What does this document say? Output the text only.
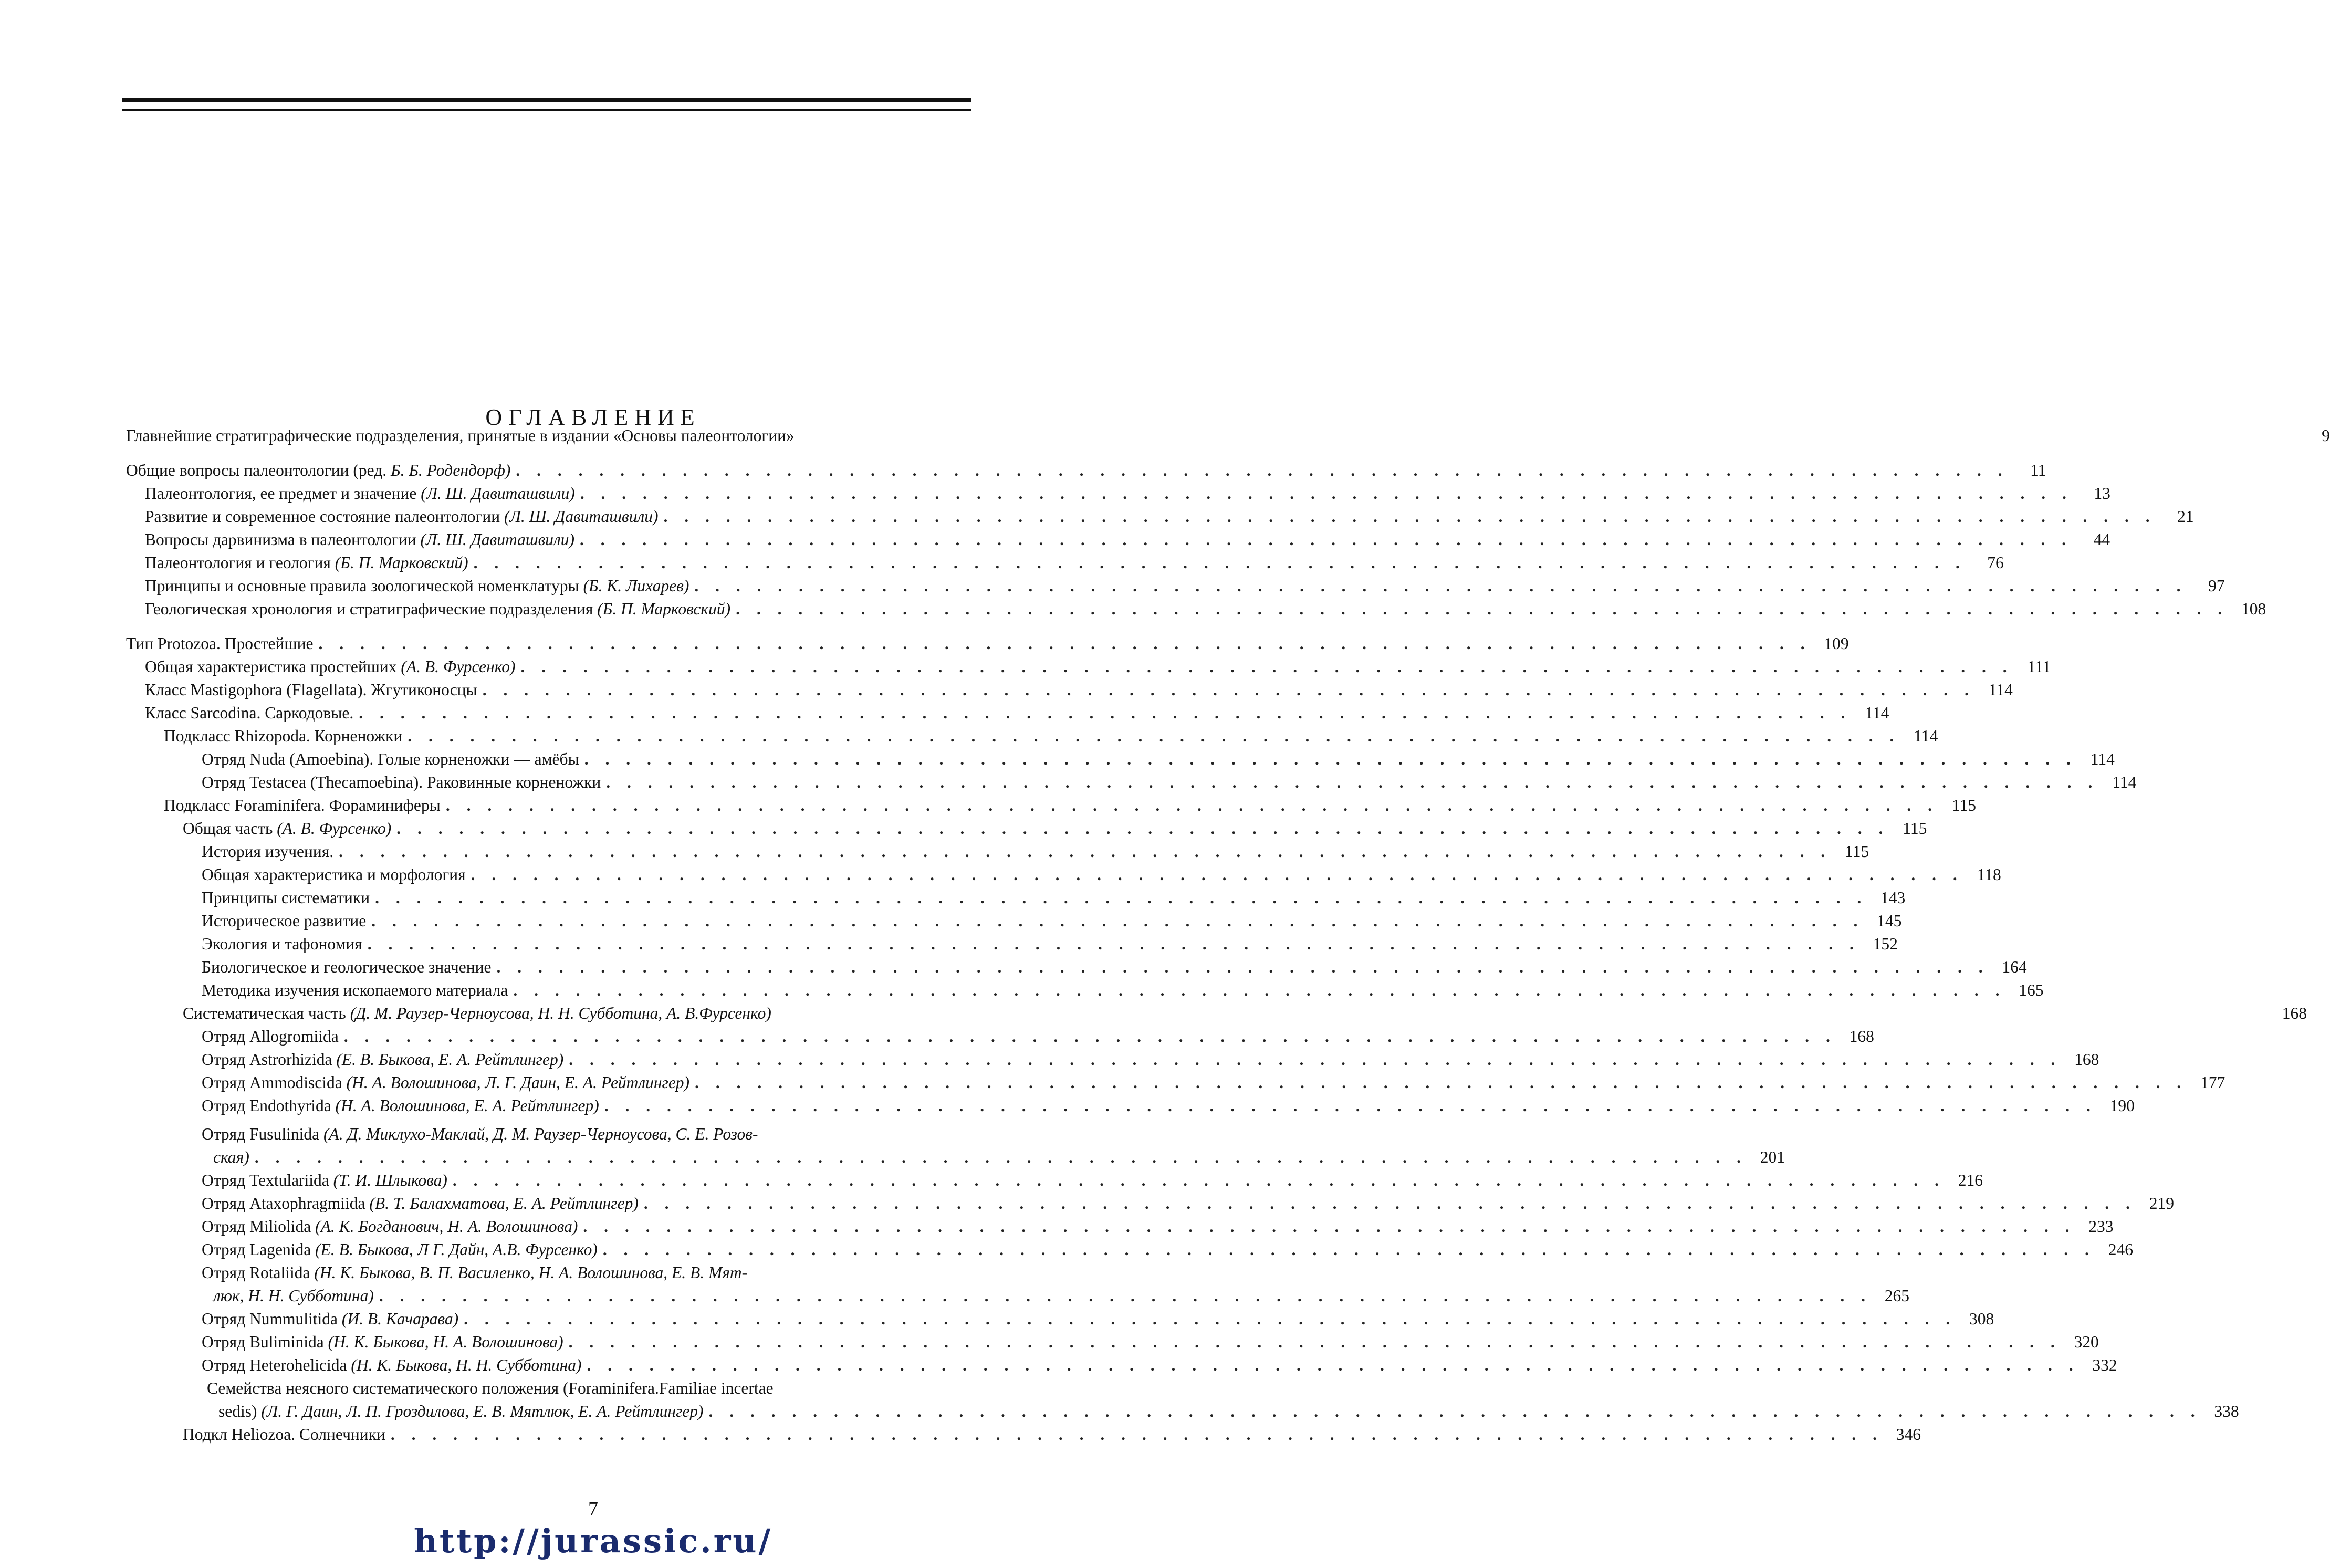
ОГЛАВЛЕНИЕ
Главнейшие стратиграфические подразделения, принятые в издании «Основы палеонтологии»	9
Общие вопросы палеонтологии (ред. Б. Б. Родендорф) . . . . . . . . . . . . . . . . . . . . . . . . . . . . . . . . . . . . . . . . . . . . . . . . . . . . . . . . . . . . . . . . . . . . . . . .	11
Палеонтология, ее предмет и значение (Л. Ш. Давиташвили) . . . . . . . . . . . . . . . . . . . . . . . . . . . . . . . . . . . . . . . . . . . . . . . . . . . . . . . . . . . . . . . . . . . . . . . .	13
Развитие и современное состояние палеонтологии (Л. Ш. Давиташвили) . . . . . . . . . . . . . . . . . . . . . . . . . . . . . . . . . . . . . . . . . . . . . . . . . . . . . . . . . . . . . . . . . . . . . . . .	21
Вопросы дарвинизма в палеонтологии (Л. Ш. Давиташвили) . . . . . . . . . . . . . . . . . . . . . . . . . . . . . . . . . . . . . . . . . . . . . . . . . . . . . . . . . . . . . . . . . . . . . . . .	44
Палеонтология и геология (Б. П. Марковский) . . . . . . . . . . . . . . . . . . . . . . . . . . . . . . . . . . . . . . . . . . . . . . . . . . . . . . . . . . . . . . . . . . . . . . . .	76
Принципы и основные правила зоологической номенклатуры (Б. К. Лихарев) . . . . . . . . . . . . . . . . . . . . . . . . . . . . . . . . . . . . . . . . . . . . . . . . . . . . . . . . . . . . . . . . . . . . . . . .	97
Геологическая хронология и стратиграфические подразделения (Б. П. Марковский) . . . . . . . . . . . . . . . . . . . . . . . . . . . . . . . . . . . . . . . . . . . . . . . . . . . . . . . . . . . . . . . . . . . . . . . . 108
Тип Protozoa. Простейшие . . . . . . . . . . . . . . . . . . . . . . . . . . . . . . . . . . . . . . . . . . . . . . . . . . . . . . . . . . . . . . . . . . . . . . . . 109
Общая характеристика простейших (А. В. Фурсенко) . . . . . . . . . . . . . . . . . . . . . . . . . . . . . . . . . . . . . . . . . . . . . . . . . . . . . . . . . . . . . . . . . . . . . . . . 111
Класс Mastigophora (Flagellata). Жгутиконосцы . . . . . . . . . . . . . . . . . . . . . . . . . . . . . . . . . . . . . . . . . . . . . . . . . . . . . . . . . . . . . . . . . . . . . . . . 114
Класс Sarcodina. Саркодовые. . . . . . . . . . . . . . . . . . . . . . . . . . . . . . . . . . . . . . . . . . . . . . . . . . . . . . . . . . . . . . . . . . . . . . . . . 114
Подкласс Rhizopoda. Корненожки . . . . . . . . . . . . . . . . . . . . . . . . . . . . . . . . . . . . . . . . . . . . . . . . . . . . . . . . . . . . . . . . . . . . . . . . 114
Отряд Nuda (Amoebina). Голые корненожки — амёбы . . . . . . . . . . . . . . . . . . . . . . . . . . . . . . . . . . . . . . . . . . . . . . . . . . . . . . . . . . . . . . . . . . . . . . . . 114
Отряд Testacea (Thecamoebina). Раковинные корненожки . . . . . . . . . . . . . . . . . . . . . . . . . . . . . . . . . . . . . . . . . . . . . . . . . . . . . . . . . . . . . . . . . . . . . . . . 114
Подкласс Foraminifera. Фораминиферы . . . . . . . . . . . . . . . . . . . . . . . . . . . . . . . . . . . . . . . . . . . . . . . . . . . . . . . . . . . . . . . . . . . . . . . . 115
Общая часть (А. В. Фурсенко) . . . . . . . . . . . . . . . . . . . . . . . . . . . . . . . . . . . . . . . . . . . . . . . . . . . . . . . . . . . . . . . . . . . . . . . . 115
История изучения. . . . . . . . . . . . . . . . . . . . . . . . . . . . . . . . . . . . . . . . . . . . . . . . . . . . . . . . . . . . . . . . . . . . . . . . . 115
Общая характеристика и морфология . . . . . . . . . . . . . . . . . . . . . . . . . . . . . . . . . . . . . . . . . . . . . . . . . . . . . . . . . . . . . . . . . . . . . . . . 118
Принципы систематики . . . . . . . . . . . . . . . . . . . . . . . . . . . . . . . . . . . . . . . . . . . . . . . . . . . . . . . . . . . . . . . . . . . . . . . . 143
Историческое развитие . . . . . . . . . . . . . . . . . . . . . . . . . . . . . . . . . . . . . . . . . . . . . . . . . . . . . . . . . . . . . . . . . . . . . . . . 145
Экология и тафономия . . . . . . . . . . . . . . . . . . . . . . . . . . . . . . . . . . . . . . . . . . . . . . . . . . . . . . . . . . . . . . . . . . . . . . . . 152
Биологическое и геологическое значение . . . . . . . . . . . . . . . . . . . . . . . . . . . . . . . . . . . . . . . . . . . . . . . . . . . . . . . . . . . . . . . . . . . . . . . . 164
Методика изучения ископаемого материала . . . . . . . . . . . . . . . . . . . . . . . . . . . . . . . . . . . . . . . . . . . . . . . . . . . . . . . . . . . . . . . . . . . . . . . . 165
Систематическая часть (Д. М. Раузер-Черноусова, Н. Н. Субботина, А. В.Фурсенко)	168
Отряд Allogromiida . . . . . . . . . . . . . . . . . . . . . . . . . . . . . . . . . . . . . . . . . . . . . . . . . . . . . . . . . . . . . . . . . . . . . . . . 168
Отряд Astrorhizida (Е. В. Быкова, Е. А. Рейтлингер) . . . . . . . . . . . . . . . . . . . . . . . . . . . . . . . . . . . . . . . . . . . . . . . . . . . . . . . . . . . . . . . . . . . . . . . . 168
Отряд Ammodiscida (Н. А. Волошинова, Л. Г. Даин, Е. А. Рейтлингер) . . . . . . . . . . . . . . . . . . . . . . . . . . . . . . . . . . . . . . . . . . . . . . . . . . . . . . . . . . . . . . . . . . . . . . . . 177
Отряд Endothyrida (Н. А. Волошинова, Е. А. Рейтлингер) . . . . . . . . . . . . . . . . . . . . . . . . . . . . . . . . . . . . . . . . . . . . . . . . . . . . . . . . . . . . . . . . . . . . . . . . 190
Отряд Fusulinida (А. Д. Миклухо-Маклай, Д. М. Раузер-Черноусова, С. Е. Розов-
ская) . . . . . . . . . . . . . . . . . . . . . . . . . . . . . . . . . . . . . . . . . . . . . . . . . . . . . . . . . . . . . . . . . . . . . . . . 201
Отряд Textulariida (Т. И. Шлыкова) . . . . . . . . . . . . . . . . . . . . . . . . . . . . . . . . . . . . . . . . . . . . . . . . . . . . . . . . . . . . . . . . . . . . . . . . 216
Отряд Ataxophragmiida (В. Т. Балахматова, Е. А. Рейтлингер) . . . . . . . . . . . . . . . . . . . . . . . . . . . . . . . . . . . . . . . . . . . . . . . . . . . . . . . . . . . . . . . . . . . . . . . . 219
Отряд Miliolida (А. К. Богданович, Н. А. Волошинова) . . . . . . . . . . . . . . . . . . . . . . . . . . . . . . . . . . . . . . . . . . . . . . . . . . . . . . . . . . . . . . . . . . . . . . . . 233
Отряд Lagenida (Е. В. Быкова, Л Г. Дайн, А.В. Фурсенко) . . . . . . . . . . . . . . . . . . . . . . . . . . . . . . . . . . . . . . . . . . . . . . . . . . . . . . . . . . . . . . . . . . . . . . . . 246
Отряд Rotaliida (Н. К. Быкова, В. П. Василенко, Н. А. Волошинова, Е. В. Мят-
люк, Н. Н. Субботина) . . . . . . . . . . . . . . . . . . . . . . . . . . . . . . . . . . . . . . . . . . . . . . . . . . . . . . . . . . . . . . . . . . . . . . . . 265
Отряд Nummulitida (И. В. Качарава) . . . . . . . . . . . . . . . . . . . . . . . . . . . . . . . . . . . . . . . . . . . . . . . . . . . . . . . . . . . . . . . . . . . . . . . . 308
Отряд Buliminida (Н. К. Быкова, Н. А. Волошинова) . . . . . . . . . . . . . . . . . . . . . . . . . . . . . . . . . . . . . . . . . . . . . . . . . . . . . . . . . . . . . . . . . . . . . . . . 320
Отряд Heterohelicida (Н. К. Быкова, Н. Н. Субботина) . . . . . . . . . . . . . . . . . . . . . . . . . . . . . . . . . . . . . . . . . . . . . . . . . . . . . . . . . . . . . . . . . . . . . . . . 332
Семейства неясного систематического положения (Foraminifera.Familiae incertae
sedis) (Л. Г. Даин, Л. П. Гроздилова, Е. В. Мятлюк, Е. А. Рейтлингер) . . . . . . . . . . . . . . . . . . . . . . . . . . . . . . . . . . . . . . . . . . . . . . . . . . . . . . . . . . . . . . . . . . . . . . . . 338
Подкл Heliozoa. Солнечники . . . . . . . . . . . . . . . . . . . . . . . . . . . . . . . . . . . . . . . . . . . . . . . . . . . . . . . . . . . . . . . . . . . . . . . . 346
7
http://jurassic.ru/
